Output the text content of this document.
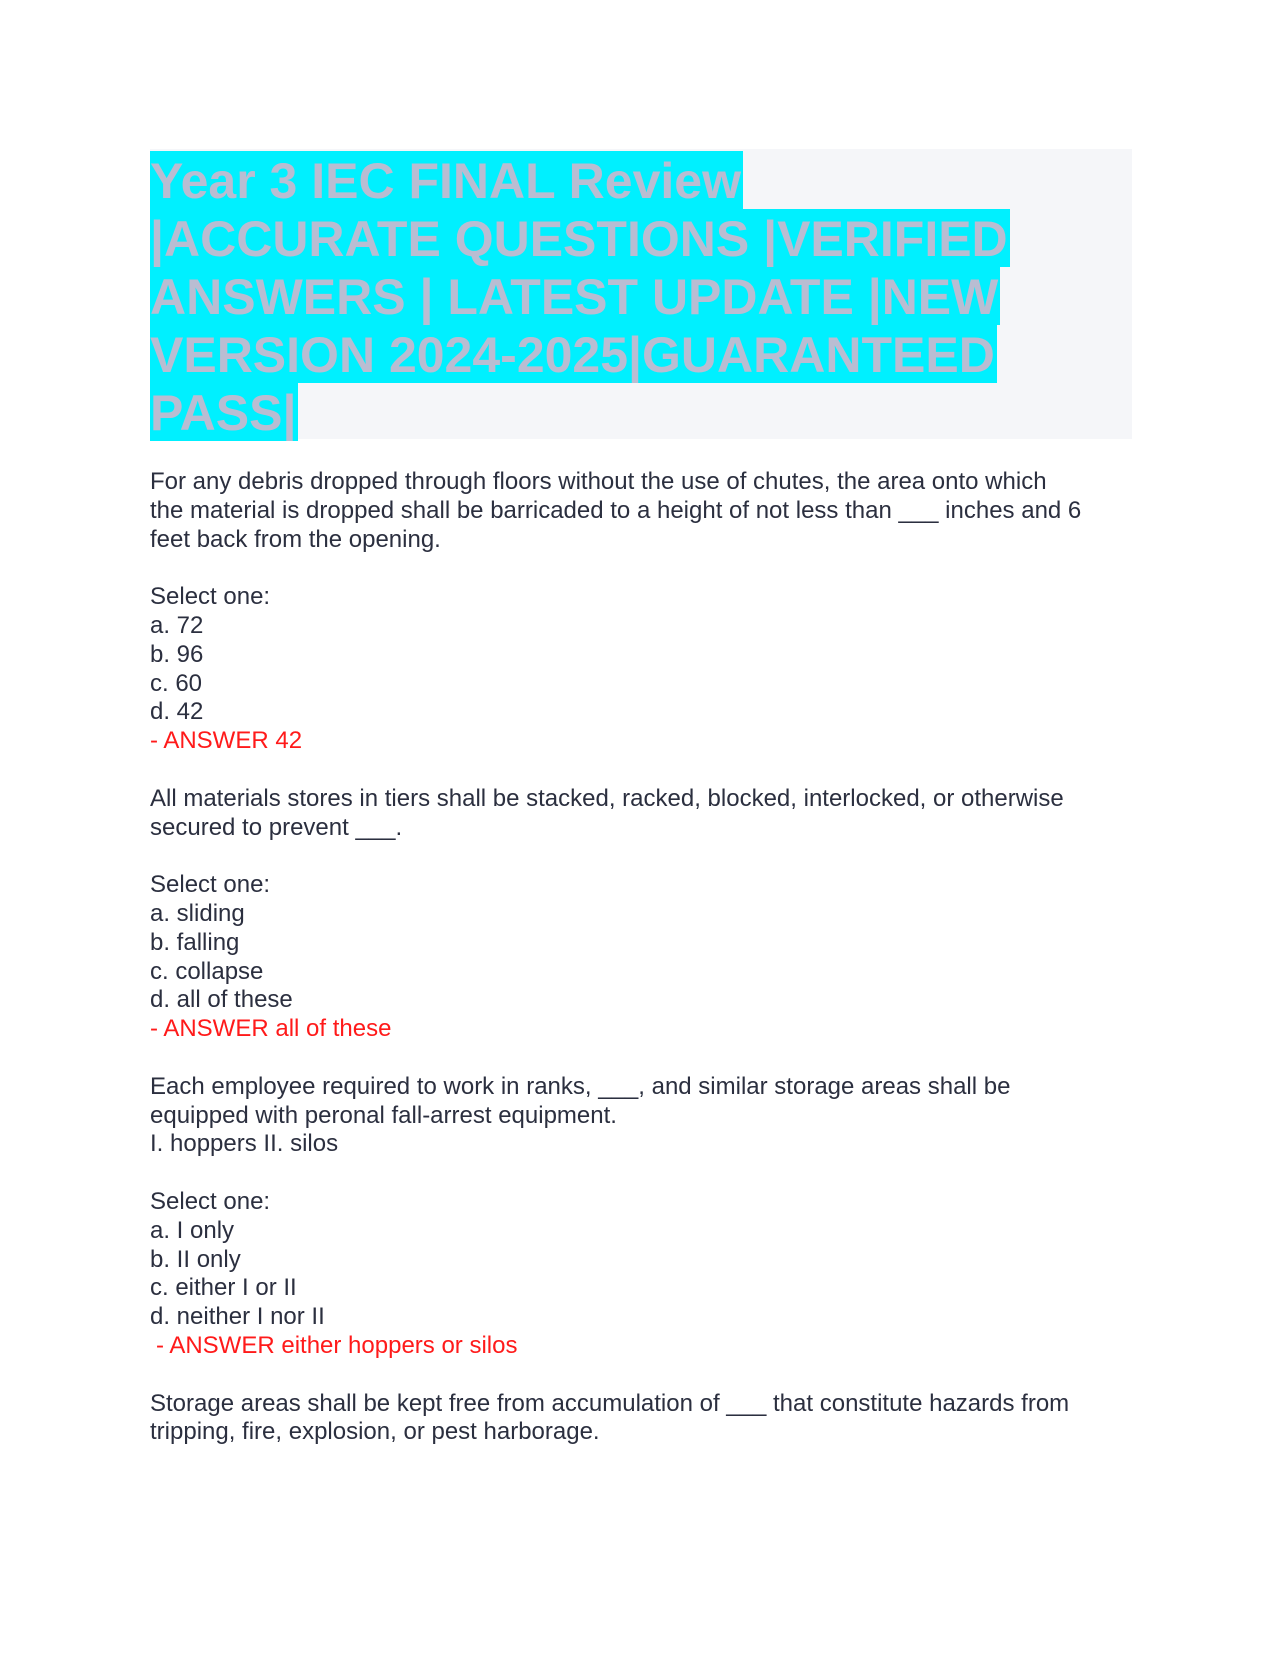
Year 3 IEC FINAL Review
|ACCURATE QUESTIONS |VERIFIED
ANSWERS | LATEST UPDATE |NEW
VERSION 2024-2025|GUARANTEED
PASS|
For any debris dropped through floors without the use of chutes, the area onto which
the material is dropped shall be barricaded to a height of not less than ___ inches and 6
feet back from the opening.
Select one:
a. 72
b. 96
c. 60
d. 42
- ANSWER 42
All materials stores in tiers shall be stacked, racked, blocked, interlocked, or otherwise
secured to prevent ___.
Select one:
a. sliding
b. falling
c. collapse
d. all of these
- ANSWER all of these
Each employee required to work in ranks, ___, and similar storage areas shall be
equipped with peronal fall-arrest equipment.
I. hoppers II. silos
Select one:
a. I only
b. II only
c. either I or II
d. neither I nor II
- ANSWER either hoppers or silos
Storage areas shall be kept free from accumulation of ___ that constitute hazards from
tripping, fire, explosion, or pest harborage.
